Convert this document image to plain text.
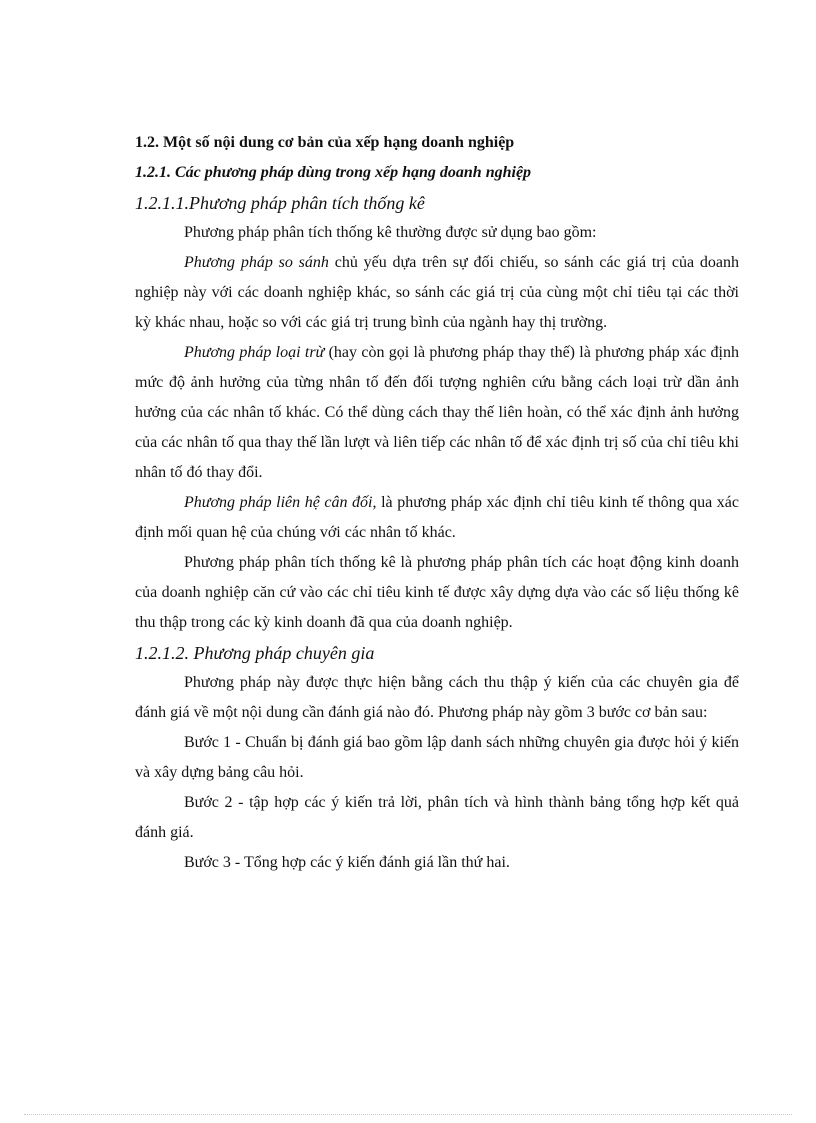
1.2. Một số nội dung cơ bản của xếp hạng doanh nghiệp
1.2.1. Các phương pháp dùng trong xếp hạng doanh nghiệp
1.2.1.1.Phương pháp phân tích thống kê

Phương pháp phân tích thống kê thường được sử dụng bao gồm:

Phương pháp so sánh chủ yếu dựa trên sự đối chiếu, so sánh các giá trị của doanh nghiệp này với các doanh nghiệp khác, so sánh các giá trị của cùng một chỉ tiêu tại các thời kỳ khác nhau, hoặc so với các giá trị trung bình của ngành hay thị trường.

Phương pháp loại trừ (hay còn gọi là phương pháp thay thế) là phương pháp xác định mức độ ảnh hưởng của từng nhân tố đến đối tượng nghiên cứu bằng cách loại trừ dần ảnh hưởng của các nhân tố khác. Có thể dùng cách thay thế liên hoàn, có thể xác định ảnh hưởng của các nhân tố qua thay thế lần lượt và liên tiếp các nhân tố để xác định trị số của chỉ tiêu khi nhân tố đó thay đổi.

Phương pháp liên hệ cân đối, là phương pháp xác định chỉ tiêu kinh tế thông qua xác định mối quan hệ của chúng với các nhân tố khác.

Phương pháp phân tích thống kê là phương pháp phân tích các hoạt động kinh doanh của doanh nghiệp căn cứ vào các chỉ tiêu kinh tế được xây dựng dựa vào các số liệu thống kê thu thập trong các kỳ kinh doanh đã qua của doanh nghiệp.

1.2.1.2. Phương pháp chuyên gia

Phương pháp này được thực hiện bằng cách thu thập ý kiến của các chuyên gia để đánh giá về một nội dung cần đánh giá nào đó. Phương pháp này gồm 3 bước cơ bản sau:

Bước 1 - Chuẩn bị đánh giá bao gồm lập danh sách những chuyên gia được hỏi ý kiến và xây dựng bảng câu hỏi.

Bước 2 - tập hợp các ý kiến trả lời, phân tích và hình thành bảng tổng hợp kết quả đánh giá.

Bước 3 - Tổng hợp các ý kiến đánh giá lần thứ hai.
